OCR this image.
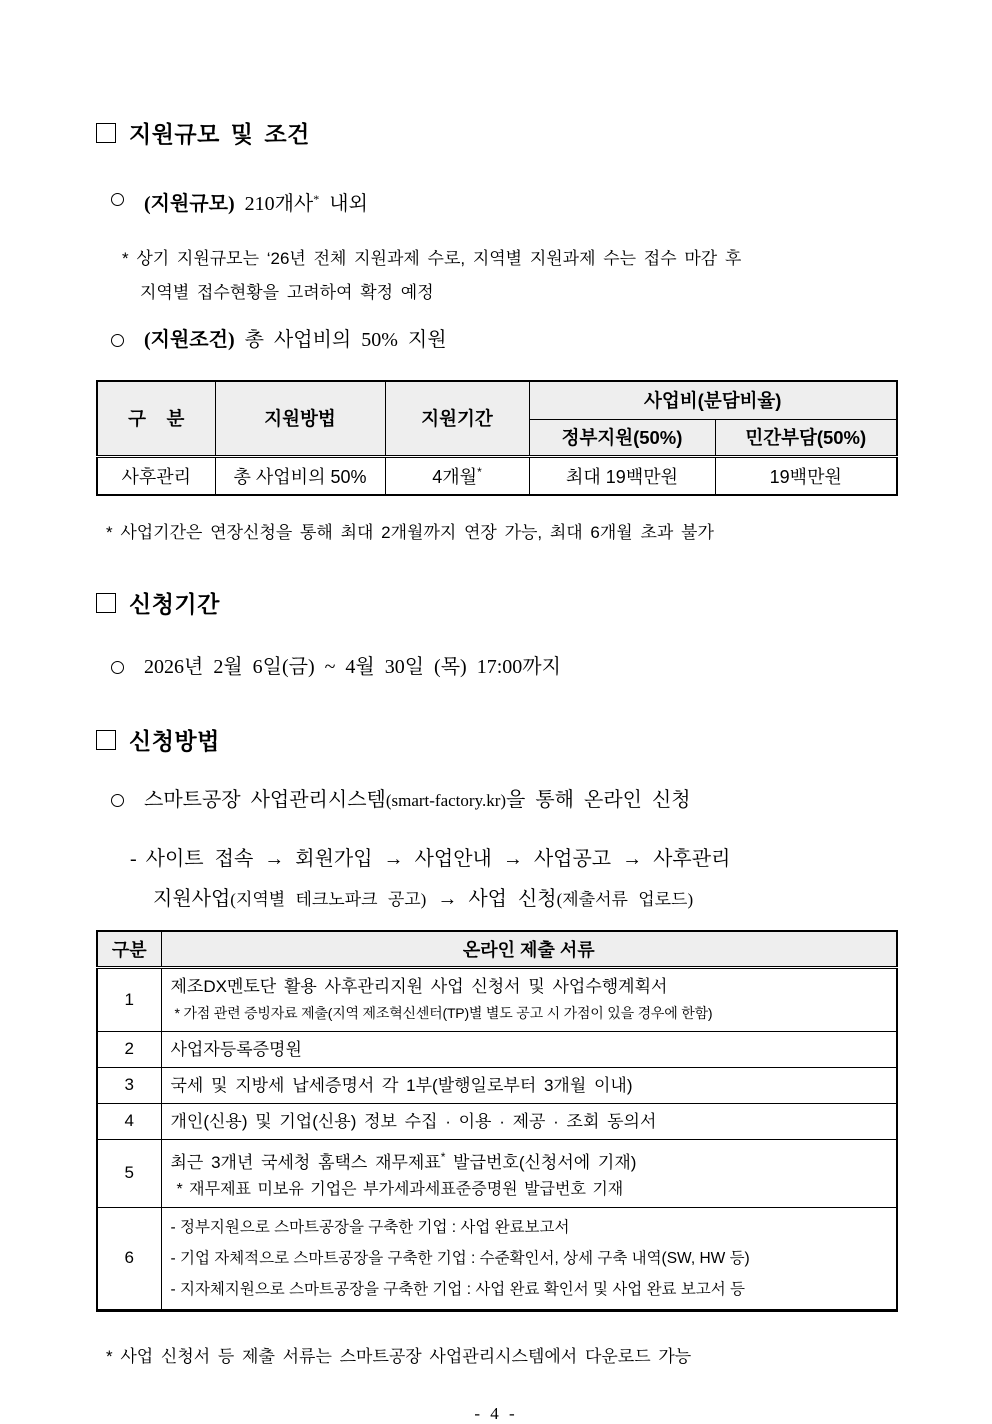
지원규모 및 조건
(지원규모) 210개사* 내외
* 상기 지원규모는 ‘26년 전체 지원과제 수로, 지역별 지원과제 수는 접수 마감 후
지역별 접수현황을 고려하여 확정 예정
(지원조건) 총 사업비의 50% 지원
구    분	지원방법	지원기간	사업비(분담비율)	
			정부지원(50%)	민간부담(50%)
사후관리	총 사업비의 50%	4개월*	최대 19백만원	19백만원
* 사업기간은 연장신청을 통해 최대 2개월까지 연장 가능, 최대 6개월 초과 불가
신청기간
2026년 2월 6일(금) ~ 4월 30일 (목) 17:00까지
신청방법
스마트공장 사업관리시스템(smart-factory.kr)을 통해 온라인 신청
- 사이트 접속 → 회원가입 → 사업안내 → 사업공고 → 사후관리
지원사업(지역별 테크노파크 공고) → 사업 신청(제출서류 업로드)
구분	온라인 제출 서류
1	제조DX멘토단 활용 사후관리지원 사업 신청서 및 사업수행계획서
* 가점 관련 증빙자료 제출(지역 제조혁신센터(TP)별 별도 공고 시 가점이 있을 경우에 한함)

2	사업자등록증명원

3	국세 및 지방세 납세증명서 각 1부(발행일로부터 3개월 이내)

4	개인(신용) 및 기업(신용) 정보 수집 · 이용 · 제공 · 조회 동의서

5	최근 3개년 국세청 홈택스 재무제표* 발급번호(신청서에 기재)
* 재무제표 미보유 기업은 부가세과세표준증명원 발급번호 기재

6	- 정부지원으로 스마트공장을 구축한 기업 : 사업 완료보고서
- 기업 자체적으로 스마트공장을 구축한 기업 : 수준확인서, 상세 구축 내역(SW, HW 등)
- 지자체지원으로 스마트공장을 구축한 기업 : 사업 완료 확인서 및 사업 완료 보고서 등
* 사업 신청서 등 제출 서류는 스마트공장 사업관리시스템에서 다운로드 가능
- 4 -
